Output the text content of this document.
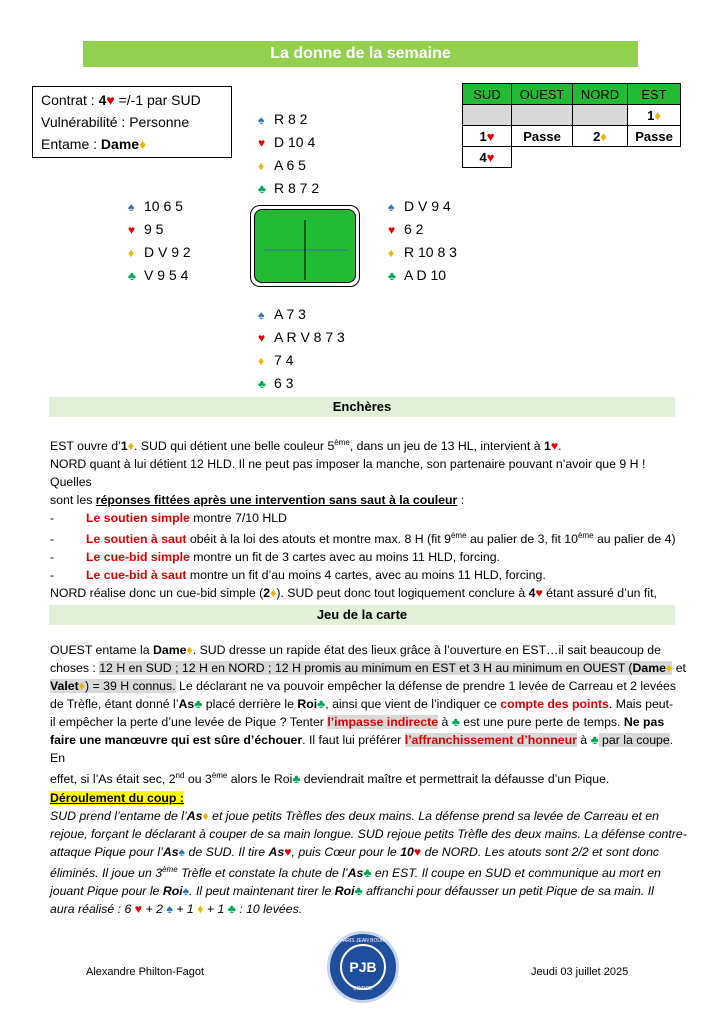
La donne de la semaine
Contrat : 4♥ =/-1 par SUD
Vulnérabilité : Personne
Entame : Dame♦
♠ R 8 2
♥ D 10 4
♦ A 6 5
♣ R 8 7 2
♠ 10 6 5
♥ 9 5
♦ D V 9 2
♣ V 9 5 4
♠ D V 9 4
♥ 6 2
♦ R 10 8 3
♣ A D 10
♠ A 7 3
♥ A R V 8 7 3
♦ 7 4
♣ 6 3
SUD	OUEST	NORD	EST
			1♦
1♥	Passe	2♦	Passe
4♥			
Enchères
EST ouvre d’1♦. SUD qui détient une belle couleur 5ème, dans un jeu de 13 HL, intervient à 1♥.
NORD quant à lui détient 12 HLD. Il ne peut pas imposer la manche, son partenaire pouvant n’avoir que 9 H ! Quelles
sont les réponses fittées après une intervention sans saut à la couleur :
-	Le soutien simple montre 7/10 HLD
-	Le soutien à saut obéit à la loi des atouts et montre max. 8 H (fit 9ème au palier de 3, fit 10ème au palier de 4)
-	Le cue-bid simple montre un fit de 3 cartes avec au moins 11 HLD, forcing.
-	Le cue-bid à saut montre un fit d’au moins 4 cartes, avec au moins 11 HLD, forcing.
NORD réalise donc un cue-bid simple (2♦). SUD peut donc tout logiquement conclure à 4♥ étant assuré d’un fit,
Jeu de la carte
OUEST entame la Dame♦. SUD dresse un rapide état des lieux grâce à l’ouverture en EST…il sait beaucoup de
choses : 12 H en SUD ; 12 H en NORD ; 12 H promis au minimum en EST et 3 H au minimum en OUEST (Dame♦ et
Valet♦) = 39 H connus. Le déclarant ne va pouvoir empêcher la défense de prendre 1 levée de Carreau et 2 levées
de Trèfle, étant donné l’As♣ placé derrière le Roi♣, ainsi que vient de l’indiquer ce compte des points. Mais peut-
il empêcher la perte d’une levée de Pique ? Tenter l’impasse indirecte à ♣ est une pure perte de temps. Ne pas
faire une manœuvre qui est sûre d’échouer. Il faut lui préférer l’affranchissement d’honneur à ♣ par la coupe. En
effet, si l’As était sec, 2nd ou 3ème alors le Roi♣ deviendrait maître et permettrait la défausse d’un Pique.
Déroulement du coup :
SUD prend l’entame de l’As♦ et joue petits Trèfles des deux mains. La défense prend sa levée de Carreau et en
rejoue, forçant le déclarant à couper de sa main longue. SUD rejoue petits Trèfle des deux mains. La défense contre-
attaque Pique pour l’As♠ de SUD. Il tire As♥, puis Cœur pour le 10♥ de NORD. Les atouts sont 2/2 et sont donc
éliminés. Il joue un 3ème Trèfle et constate la chute de l’As♣ en EST. Il coupe en SUD et communique au mort en
jouant Pique pour le Roi♠. Il peut maintenant tirer le Roi♣ affranchi pour défausser un petit Pique de sa main. Il
aura réalisé : 6 ♥ + 2 ♠ + 1 ♦ + 1 ♣ : 10 levées.
Alexandre Philton-Fagot	Jeudi 03 juillet 2025
PARIS JEAN BOUIN
PJB
BRIDGE
